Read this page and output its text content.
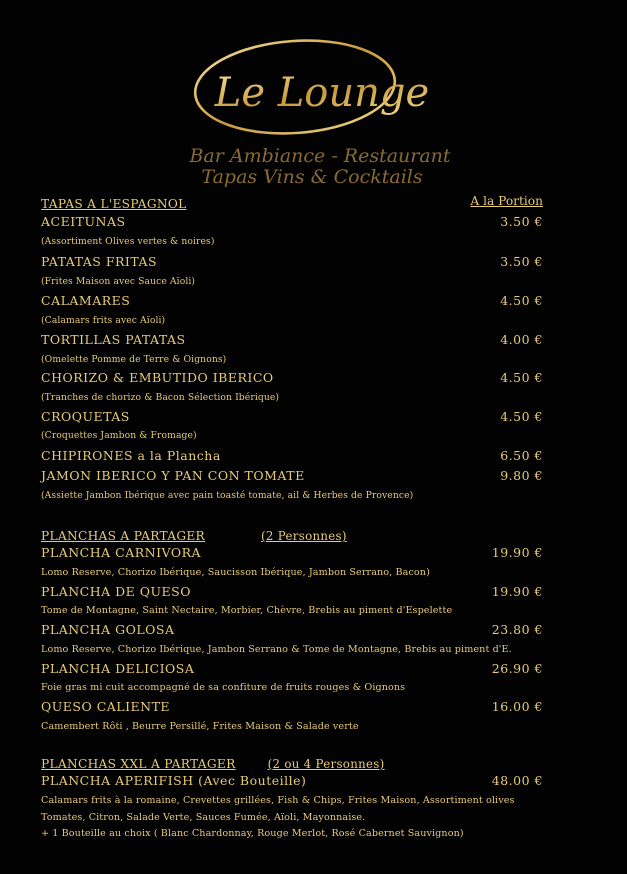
Le Lounge
Bar Ambiance - Restaurant
Tapas Vins & Cocktails
TAPAS A L'ESPAGNOL	A la Portion
ACEITUNAS	3.50 €
(Assortiment Olives vertes & noires)
PATATAS FRITAS	3.50 €
(Frites Maison avec Sauce Aïoli)
CALAMARES	4.50 €
(Calamars frits avec Aïoli)
TORTILLAS PATATAS	4.00 €
(Omelette Pomme de Terre & Oignons)
CHORIZO & EMBUTIDO IBERICO	4.50 €
(Tranches de chorizo & Bacon Sélection Ibérique)
CROQUETAS	4.50 €
(Croquettes Jambon & Fromage)
CHIPIRONES a la Plancha	6.50 €
JAMON IBERICO Y PAN CON TOMATE	9.80 €
(Assiette Jambon Ibérique avec pain toasté tomate, ail & Herbes de Provence)
PLANCHAS A PARTAGER	(2 Personnes)
PLANCHA CARNIVORA	19.90 €
Lomo Reserve, Chorizo Ibérique, Saucisson Ibérique, Jambon Serrano, Bacon)
PLANCHA DE QUESO	19.90 €
Tome de Montagne, Saint Nectaire, Morbier, Chèvre, Brebis au piment d'Espelette
PLANCHA GOLOSA	23.80 €
Lomo Reserve, Chorizo Ibérique, Jambon Serrano & Tome de Montagne, Brebis au piment d'E.
PLANCHA DELICIOSA	26.90 €
Foie gras mi cuit accompagné de sa confiture de fruits rouges & Oignons
QUESO CALIENTE	16.00 €
Camembert Rôti , Beurre Persillé, Frites Maison & Salade verte
PLANCHAS XXL A PARTAGER	(2 ou 4 Personnes)
PLANCHA APERIFISH (Avec Bouteille)	48.00 €
Calamars frits à la romaine, Crevettes grillées, Fish & Chips, Frites Maison, Assortiment olives
Tomates, Citron, Salade Verte, Sauces Fumée, Aïoli, Mayonnaise.
+ 1 Bouteille au choix ( Blanc Chardonnay, Rouge Merlot, Rosé Cabernet Sauvignon)
